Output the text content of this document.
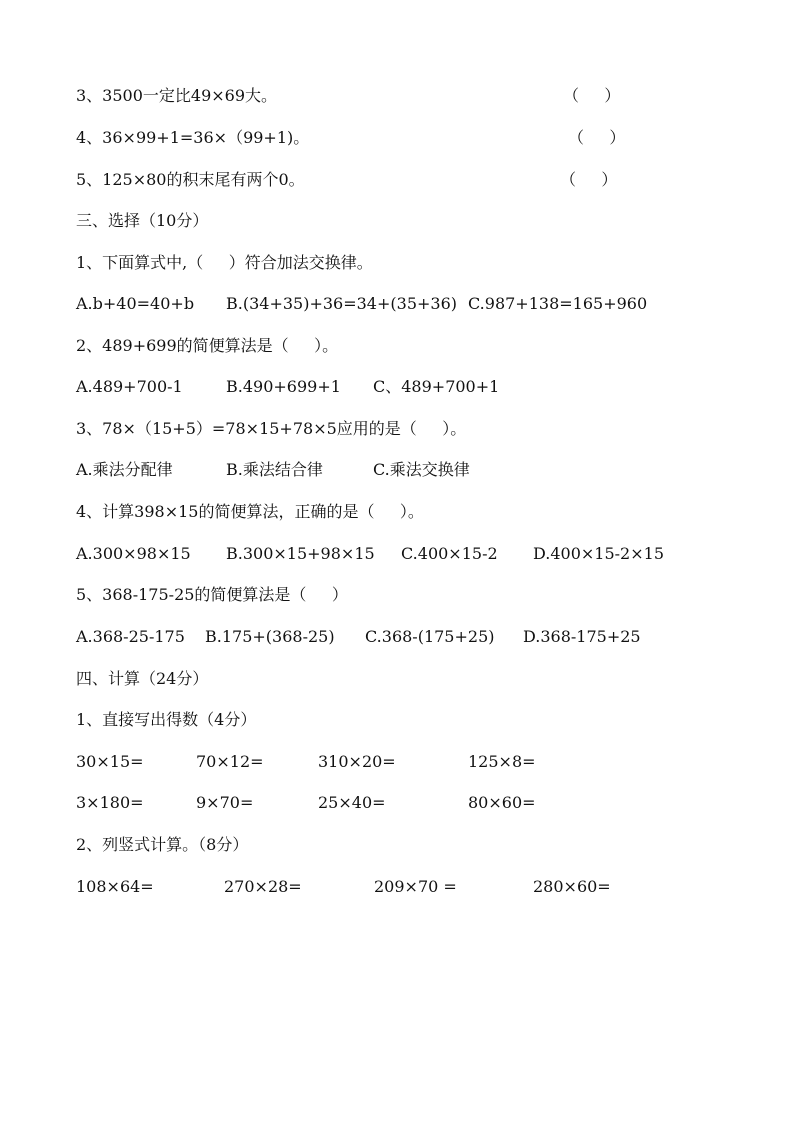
3、3500一定比49×69大。	（     ）
4、36×99+1=36×（99+1)。	（     ）
5、125×80的积末尾有两个0。	（     ）
三、选择（10分）
1、下面算式中,（     ）符合加法交换律。
A.b+40=40+b B.(34+35)+36=34+(35+36) C.987+138=165+960
2、489+699的简便算法是（     ）。
A.489+700-1	B.490+699+1 C、489+700+1
3、78×（15+5）=78×15+78×5应用的是（     ）。
A.乘法分配律	B.乘法结合律	C.乘法交换律
4、计算398×15的简便算法，正确的是（     ）。
A.300×98×15 B.300×15+98×15 C.400×15-2 D.400×15-2×15
5、368-175-25的简便算法是（     ）
A.368-25-175 B.175+(368-25) C.368-(175+25) D.368-175+25
四、计算（24分）
1、直接写出得数（4分）
30×15=	70×12=	310×20=	125×8=
3×180=	9×70=	25×40=	80×60=
2、列竖式计算。（8分）
108×64=	270×28=	209×70 =	280×60=
